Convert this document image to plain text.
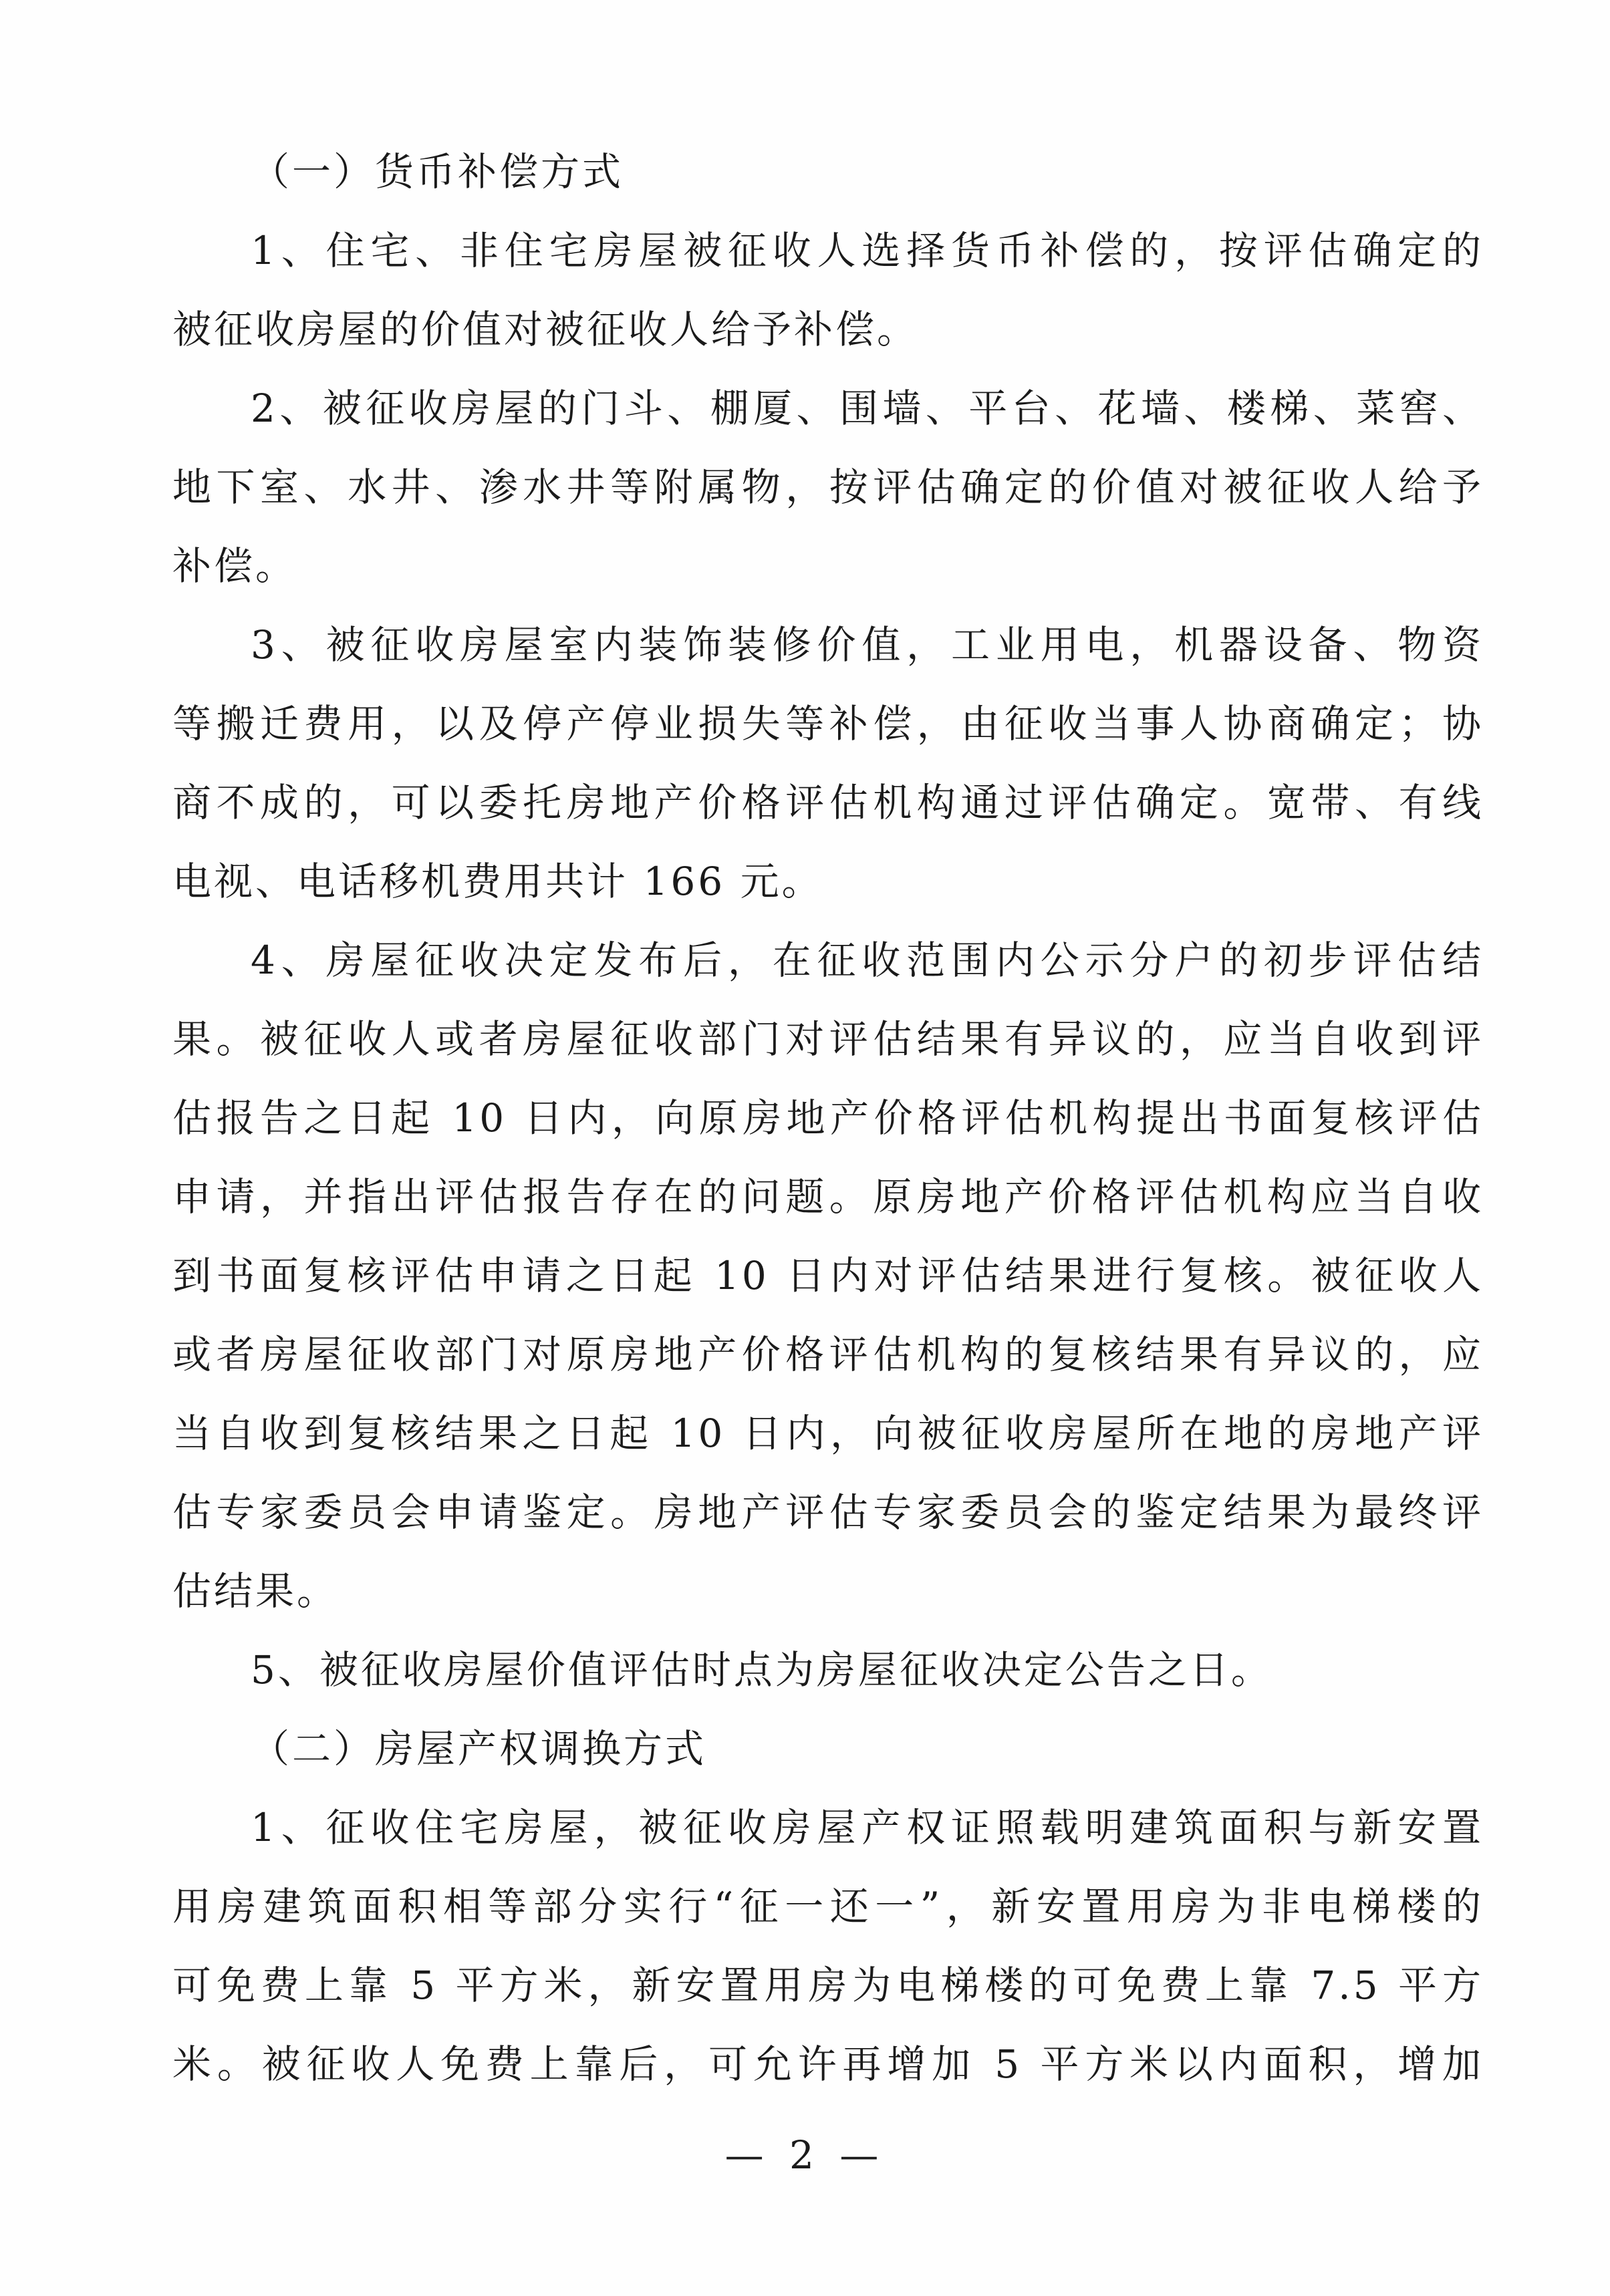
（一）货币补偿方式
1、住宅、非住宅房屋被征收人选择货币补偿的，按评估确定的
被征收房屋的价值对被征收人给予补偿。
2、被征收房屋的门斗、棚厦、围墙、平台、花墙、楼梯、菜窖、
地下室、水井、渗水井等附属物，按评估确定的价值对被征收人给予
补偿。
3、被征收房屋室内装饰装修价值，工业用电，机器设备、物资
等搬迁费用，以及停产停业损失等补偿，由征收当事人协商确定；协
商不成的，可以委托房地产价格评估机构通过评估确定。宽带、有线
电视、电话移机费用共计 166 元。
4、房屋征收决定发布后，在征收范围内公示分户的初步评估结
果。被征收人或者房屋征收部门对评估结果有异议的，应当自收到评
估报告之日起 10 日内，向原房地产价格评估机构提出书面复核评估
申请，并指出评估报告存在的问题。原房地产价格评估机构应当自收
到书面复核评估申请之日起 10 日内对评估结果进行复核。被征收人
或者房屋征收部门对原房地产价格评估机构的复核结果有异议的，应
当自收到复核结果之日起 10 日内，向被征收房屋所在地的房地产评
估专家委员会申请鉴定。房地产评估专家委员会的鉴定结果为最终评
估结果。
5、被征收房屋价值评估时点为房屋征收决定公告之日。
（二）房屋产权调换方式
1、征收住宅房屋，被征收房屋产权证照载明建筑面积与新安置
用房建筑面积相等部分实行“征一还一”，新安置用房为非电梯楼的
可免费上靠 5 平方米，新安置用房为电梯楼的可免费上靠 7.5 平方
米。被征收人免费上靠后，可允许再增加 5 平方米以内面积，增加
— 2 —
